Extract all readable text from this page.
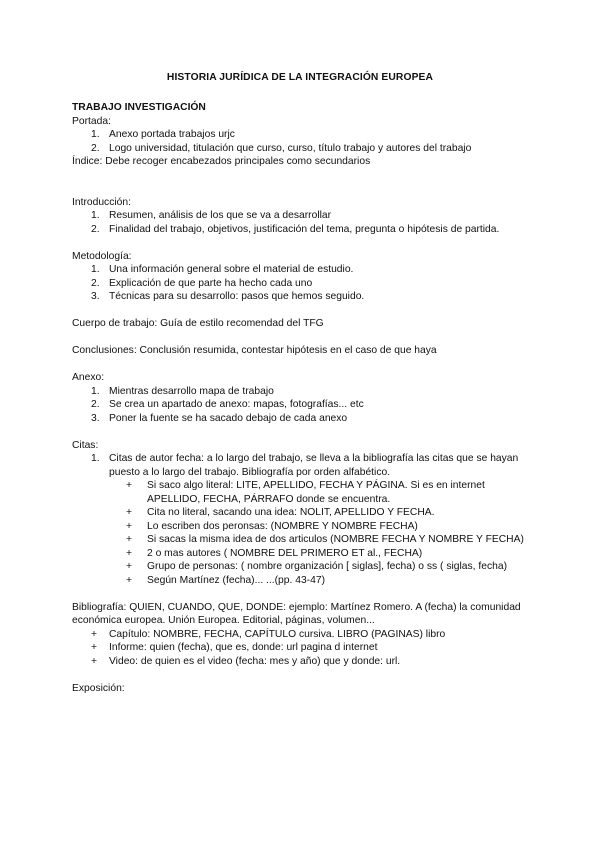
HISTORIA JURÍDICA DE LA INTEGRACIÓN EUROPEA
TRABAJO INVESTIGACIÓN
Portada:
1. Anexo portada trabajos urjc
2. Logo universidad, titulación que curso, curso, título trabajo y autores del trabajo
Índice: Debe recoger encabezados principales como secundarios
Introducción:
1. Resumen, análisis de los que se va a desarrollar
2. Finalidad del trabajo, objetivos, justificación del tema, pregunta o hipótesis de partida.
Metodología:
1. Una información general sobre el material de estudio.
2. Explicación de que parte ha hecho cada uno
3. Técnicas para su desarrollo: pasos que hemos seguido.
Cuerpo de trabajo: Guía de estilo recomendad del TFG
Conclusiones: Conclusión resumida, contestar hipótesis en el caso de que haya
Anexo:
1. Mientras desarrollo mapa de trabajo
2. Se crea un apartado de anexo: mapas, fotografías... etc
3. Poner la fuente se ha sacado debajo de cada anexo
Citas:
1. Citas de autor fecha: a lo largo del trabajo, se lleva a la bibliografía las citas que se hayan puesto a lo largo del trabajo. Bibliografía por orden alfabético.
+ Si saco algo literal: LITE, APELLIDO, FECHA Y PÁGINA. Si es en internet APELLIDO, FECHA, PÁRRAFO donde se encuentra.
+ Cita no literal, sacando una idea: NOLIT, APELLIDO Y FECHA.
+ Lo escriben dos peronsas: (NOMBRE Y NOMBRE FECHA)
+ Si sacas la misma idea de dos articulos (NOMBRE FECHA Y NOMBRE Y FECHA)
+ 2 o mas autores ( NOMBRE DEL PRIMERO ET al., FECHA)
+ Grupo de personas: ( nombre organización [ siglas], fecha) o ss ( siglas, fecha)
+ Según Martínez (fecha)... ...(pp. 43-47)
Bibliografía: QUIEN, CUANDO, QUE, DONDE: ejemplo: Martínez Romero. A (fecha) la comunidad económica europea. Unión Europea. Editorial, páginas, volumen...
+ Capítulo: NOMBRE, FECHA, CAPÍTULO cursiva. LIBRO (PAGINAS) libro
+ Informe: quien (fecha), que es, donde: url pagina d internet
+ Video: de quien es el video (fecha: mes y año) que y donde: url.
Exposición:
